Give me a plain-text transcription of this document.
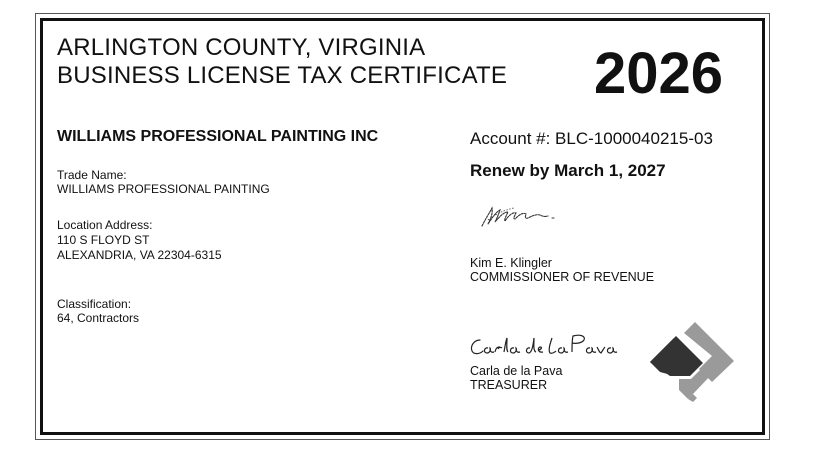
ARLINGTON COUNTY, VIRGINIA
BUSINESS LICENSE TAX CERTIFICATE 2026
WILLIAMS PROFESSIONAL PAINTING INC
Trade Name:
WILLIAMS PROFESSIONAL PAINTING
Location Address:
110 S FLOYD ST
ALEXANDRIA, VA 22304-6315
Classification:
64, Contractors
Account #: BLC-1000040215-03
Renew by March 1, 2027
Kim E. Klingler
COMMISSIONER OF REVENUE
Carla de la Pava
TREASURER
